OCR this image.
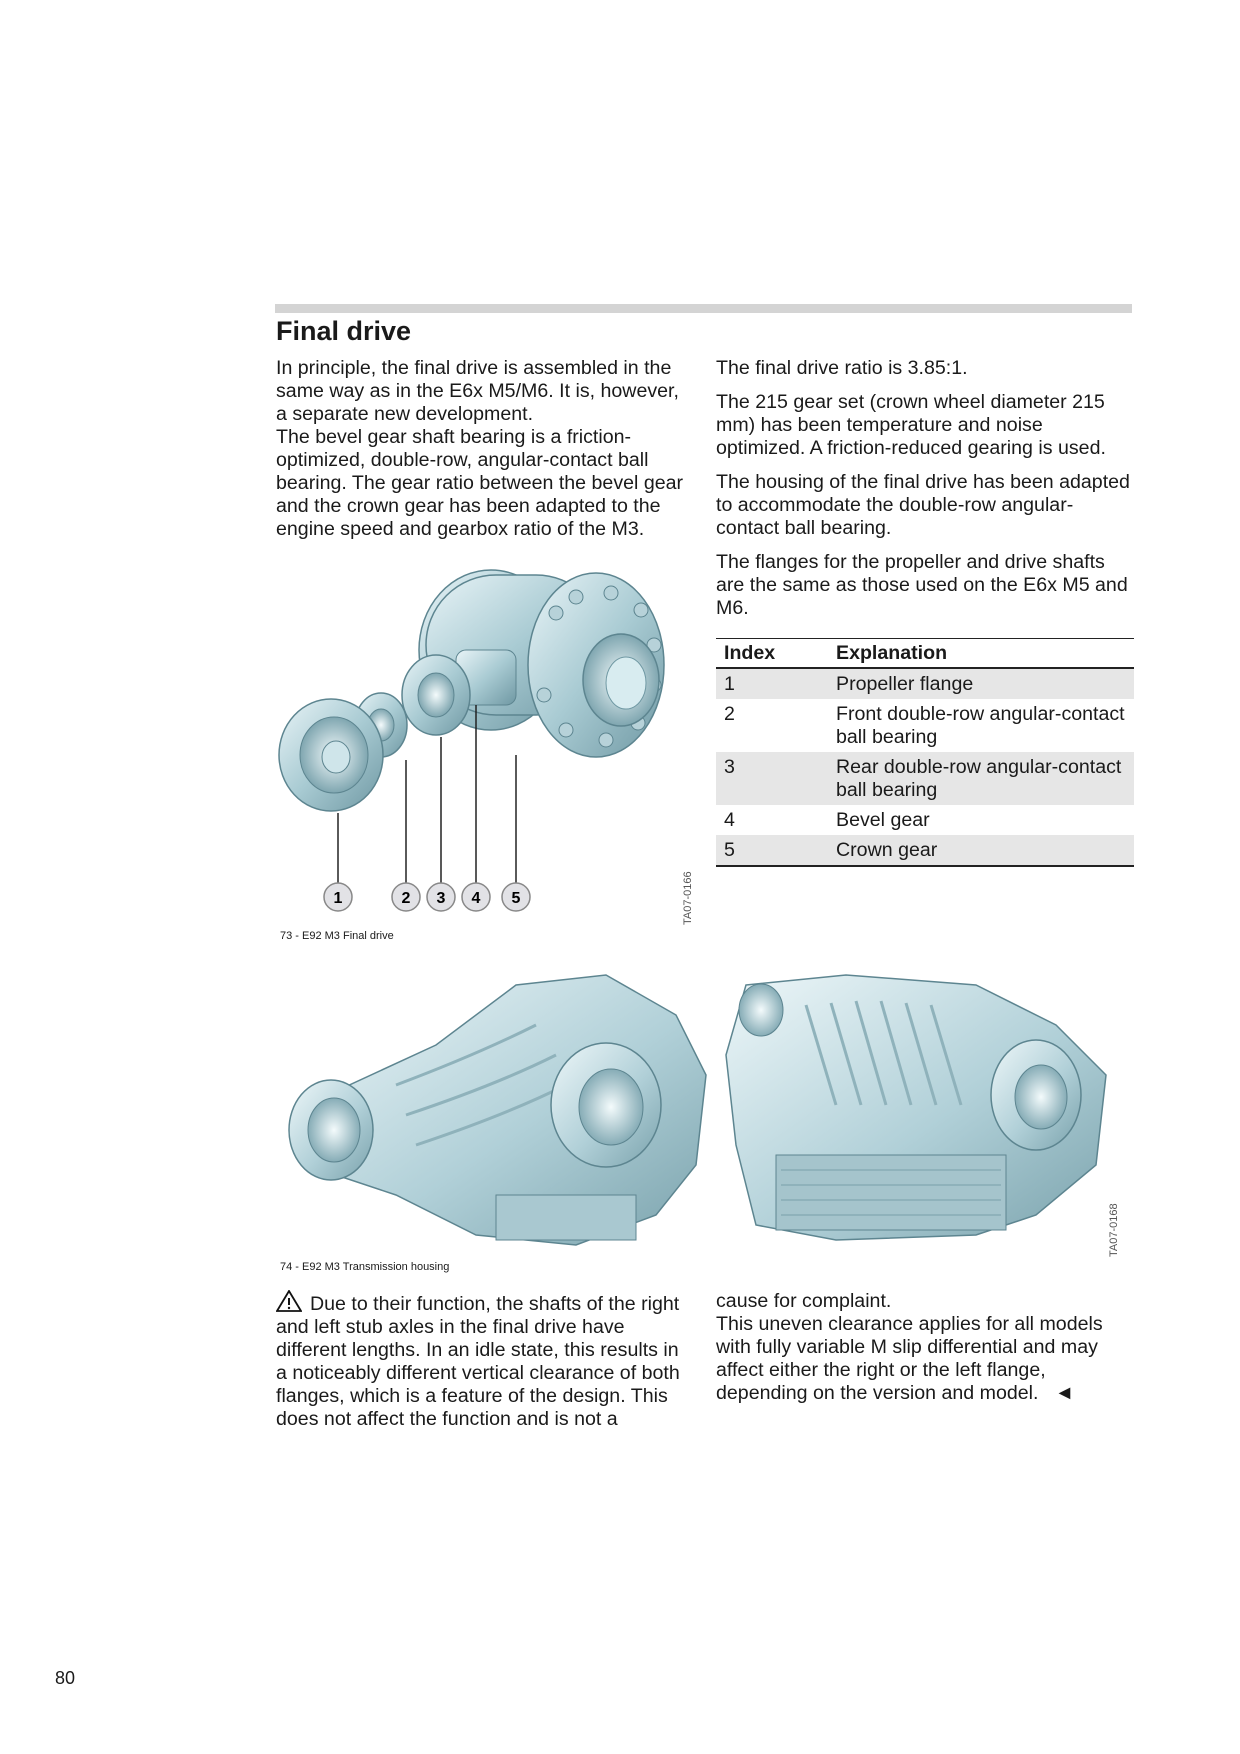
Final drive

In principle, the final drive is assembled in the same way as in the E6x M5/M6. It is, however, a separate new development.

The bevel gear shaft bearing is a friction-optimized, double-row, angular-contact ball bearing. The gear ratio between the bevel gear and the crown gear has been adapted to the engine speed and gearbox ratio of the M3.

The final drive ratio is 3.85:1.

The 215 gear set (crown wheel diameter 215 mm) has been temperature and noise optimized. A friction-reduced gearing is used.

The housing of the final drive has been adapted to accommodate the double-row angular-contact ball bearing.

The flanges for the propeller and drive shafts are the same as those used on the E6x M5 and M6.

1	2 3 4 5	TA07-0166
73 - E92 M3 Final drive
Index	Explanation
1	Propeller flange
2	Front double-row angular-contact ball bearing
3	Rear double-row angular-contact ball bearing
4	Bevel gear
5	Crown gear
TA07-0168
74 - E92 M3 Transmission housing

Due to their function, the shafts of the right and left stub axles in the final drive have different lengths. In an idle state, this results in a noticeably different vertical clearance of both flanges, which is a feature of the design. This does not affect the function and is not a

cause for complaint.

This uneven clearance applies for all models with fully variable M slip differential and may affect either the right or the left flange, depending on the version and model. ◄

80
